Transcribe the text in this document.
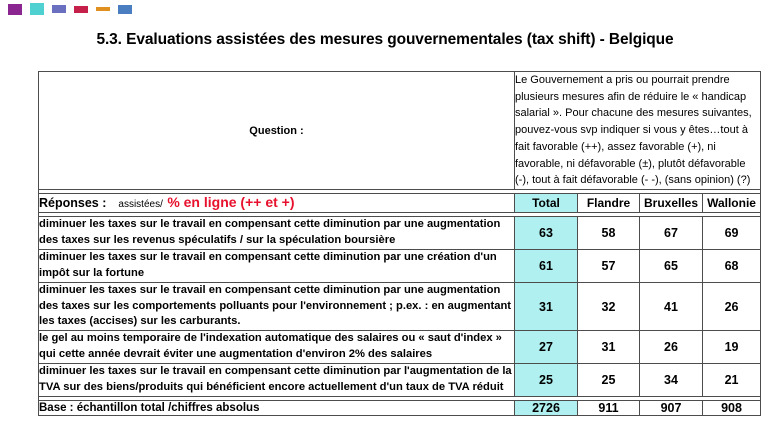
5.3. Evaluations assistées des mesures gouvernementales (tax shift) - Belgique
Question :	Le Gouvernement a pris ou pourrait prendre plusieurs mesures afin de réduire le « handicap salarial ». Pour chacune des mesures suivantes, pouvez-vous svp indiquer si vous y êtes…tout à fait favorable (++), assez favorable (+), ni favorable, ni défavorable (±), plutôt défavorable (-), tout à fait défavorable (- -), (sans opinion) (?)			

Réponses : assistées/ % en ligne (++ et +)	Total	Flandre	Bruxelles	Wallonie

diminuer les taxes sur le travail en compensant cette diminution par une augmentation des taxes sur les revenus spéculatifs / sur la spéculation boursière	63	58	67	69
diminuer les taxes sur le travail en compensant cette diminution par une création d'un impôt sur la fortune	61	57	65	68
diminuer les taxes sur le travail en compensant cette diminution par une augmentation des taxes sur les comportements polluants pour l'environnement ; p.ex. : en augmentant les taxes (accises) sur les carburants.	31	32	41	26
le gel au moins temporaire de l'indexation automatique des salaires ou « saut d'index » qui cette année devrait éviter une augmentation d'environ 2% des salaires	27	31	26	19
diminuer les taxes sur le travail en compensant cette diminution par l'augmentation de la TVA sur des biens/produits qui bénéficient encore actuellement d'un taux de TVA réduit	25	25	34	21

Base : échantillon total /chiffres absolus	2726	911	907	908
